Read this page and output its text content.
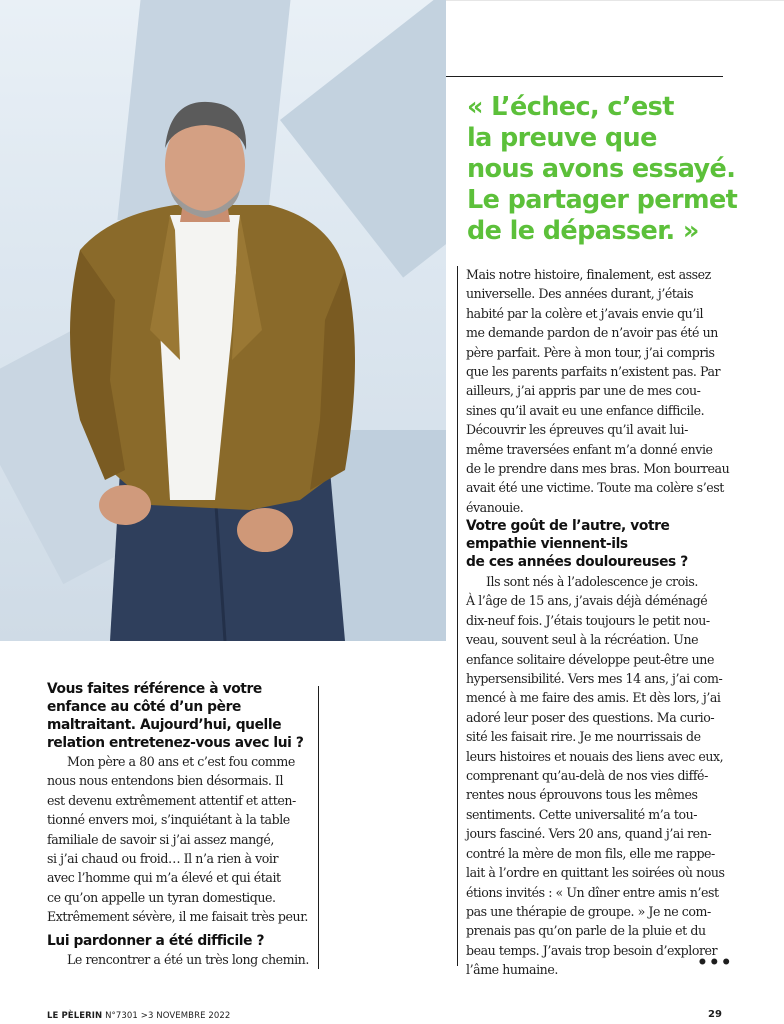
« L’échec, c’est
la preuve que
nous avons essayé.
Le partager permet
de le dépasser. »
Mais notre histoire, finalement, est assez
universelle. Des années durant, j’étais
habité par la colère et j’avais envie qu’il
me demande pardon de n’avoir pas été un
père parfait. Père à mon tour, j’ai compris
que les parents parfaits n’existent pas. Par
ailleurs, j’ai appris par une de mes cou-
sines qu’il avait eu une enfance difficile.
Découvrir les épreuves qu’il avait lui-
même traversées enfant m’a donné envie
de le prendre dans mes bras. Mon bourreau
avait été une victime. Toute ma colère s’est
évanouie.
Votre goût de l’autre, votre
empathie viennent-ils
de ces années douloureuses ?
Ils sont nés à l’adolescence je crois.
À l’âge de 15 ans, j’avais déjà déménagé
dix-neuf fois. J’étais toujours le petit nou-
veau, souvent seul à la récréation. Une
enfance solitaire développe peut-être une
hypersensibilité. Vers mes 14 ans, j’ai com-
mencé à me faire des amis. Et dès lors, j’ai
adoré leur poser des questions. Ma curio-
sité les faisait rire. Je me nourrissais de
leurs histoires et nouais des liens avec eux,
comprenant qu’au-delà de nos vies diffé-
rentes nous éprouvons tous les mêmes
sentiments. Cette universalité m’a tou-
jours fasciné. Vers 20 ans, quand j’ai ren-
contré la mère de mon fils, elle me rappe-
lait à l’ordre en quittant les soirées où nous
étions invités : « Un dîner entre amis n’est
pas une thérapie de groupe. » Je ne com-
prenais pas qu’on parle de la pluie et du
beau temps. J’avais trop besoin d’explorer
l’âme humaine.	•••
Vous faites référence à votre
enfance au côté d’un père
maltraitant. Aujourd’hui, quelle
relation entretenez-vous avec lui ?
Mon père a 80 ans et c’est fou comme
nous nous entendons bien désormais. Il
est devenu extrêmement attentif et atten-
tionné envers moi, s’inquiétant à la table
familiale de savoir si j’ai assez mangé,
si j’ai chaud ou froid… Il n’a rien à voir
avec l’homme qui m’a élevé et qui était
ce qu’on appelle un tyran domestique.
Extrêmement sévère, il me faisait très peur.
Lui pardonner a été difficile ?
Le rencontrer a été un très long chemin.
LE PÈLERIN N°7301 >3 NOVEMBRE 2022	29
